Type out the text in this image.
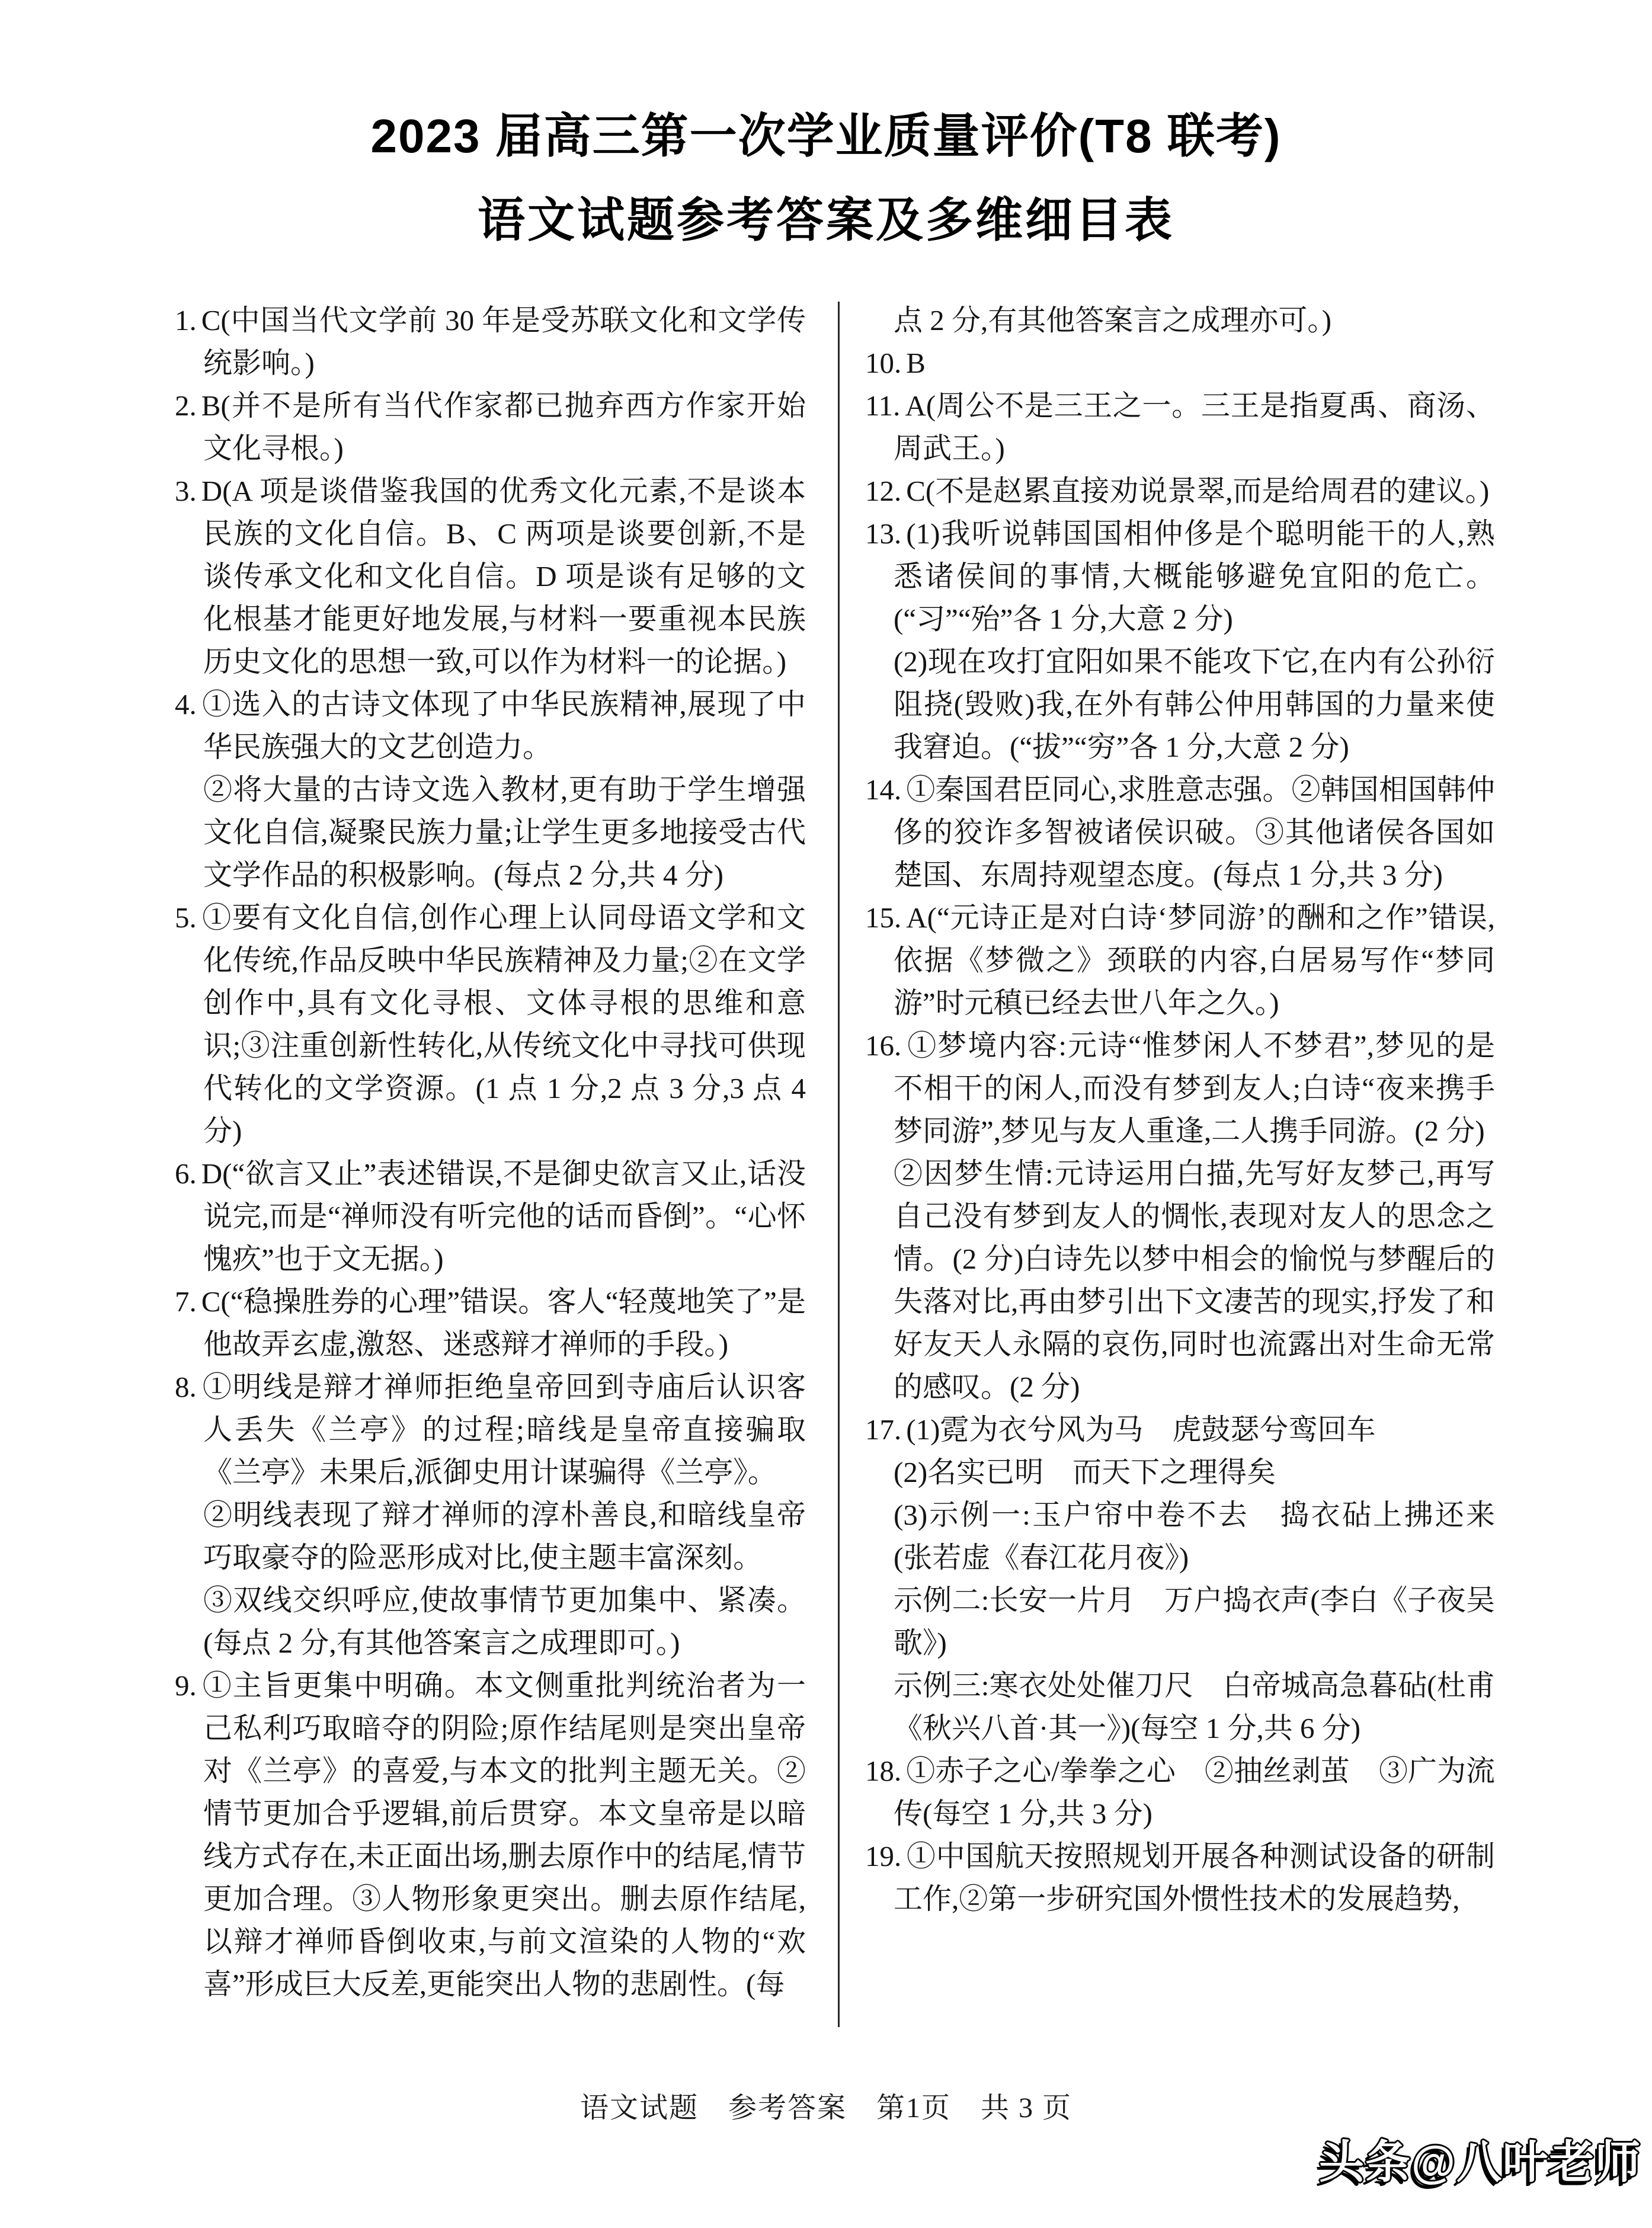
2023 届高三第一次学业质量评价(T8 联考)
语文试题参考答案及多维细目表

1. C(中国当代文学前 30 年是受苏联文化和文学传统影响。)

2. B(并不是所有当代作家都已抛弃西方作家开始文化寻根。)

3. D(A 项是谈借鉴我国的优秀文化元素,不是谈本民族的文化自信。B、C 两项是谈要创新,不是谈传承文化和文化自信。D 项是谈有足够的文化根基才能更好地发展,与材料一要重视本民族历史文化的思想一致,可以作为材料一的论据。)

4. ①选入的古诗文体现了中华民族精神,展现了中华民族强大的文艺创造力。

②将大量的古诗文选入教材,更有助于学生增强文化自信,凝聚民族力量;让学生更多地接受古代文学作品的积极影响。(每点 2 分,共 4 分)

5. ①要有文化自信,创作心理上认同母语文学和文化传统,作品反映中华民族精神及力量;②在文学创作中,具有文化寻根、文体寻根的思维和意识;③注重创新性转化,从传统文化中寻找可供现代转化的文学资源。(1 点 1 分,2 点 3 分,3 点 4 分)

6. D(“欲言又止”表述错误,不是御史欲言又止,话没说完,而是“禅师没有听完他的话而昏倒”。“心怀愧疚”也于文无据。)

7. C(“稳操胜券的心理”错误。客人“轻蔑地笑了”是他故弄玄虚,激怒、迷惑辩才禅师的手段。)

8. ①明线是辩才禅师拒绝皇帝回到寺庙后认识客人丢失《兰亭》的过程;暗线是皇帝直接骗取《兰亭》未果后,派御史用计谋骗得《兰亭》。

②明线表现了辩才禅师的淳朴善良,和暗线皇帝巧取豪夺的险恶形成对比,使主题丰富深刻。

③双线交织呼应,使故事情节更加集中、紧凑。(每点 2 分,有其他答案言之成理即可。)

9. ①主旨更集中明确。本文侧重批判统治者为一己私利巧取暗夺的阴险;原作结尾则是突出皇帝对《兰亭》的喜爱,与本文的批判主题无关。②情节更加合乎逻辑,前后贯穿。本文皇帝是以暗线方式存在,未正面出场,删去原作中的结尾,情节更加合理。③人物形象更突出。删去原作结尾,以辩才禅师昏倒收束,与前文渲染的人物的“欢喜”形成巨大反差,更能突出人物的悲剧性。(每

点 2 分,有其他答案言之成理亦可。)

10. B

11. A(周公不是三王之一。三王是指夏禹、商汤、周武王。)

12. C(不是赵累直接劝说景翠,而是给周君的建议。)

13. (1)我听说韩国国相仲侈是个聪明能干的人,熟悉诸侯间的事情,大概能够避免宜阳的危亡。(“习”“殆”各 1 分,大意 2 分)

(2)现在攻打宜阳如果不能攻下它,在内有公孙衍阻挠(毁败)我,在外有韩公仲用韩国的力量来使我窘迫。(“拔”“穷”各 1 分,大意 2 分)

14. ①秦国君臣同心,求胜意志强。②韩国相国韩仲侈的狡诈多智被诸侯识破。③其他诸侯各国如楚国、东周持观望态度。(每点 1 分,共 3 分)

15. A(“元诗正是对白诗‘梦同游’的酬和之作”错误,依据《梦微之》颈联的内容,白居易写作“梦同游”时元稹已经去世八年之久。)

16. ①梦境内容:元诗“惟梦闲人不梦君”,梦见的是不相干的闲人,而没有梦到友人;白诗“夜来携手梦同游”,梦见与友人重逢,二人携手同游。(2 分)

②因梦生情:元诗运用白描,先写好友梦己,再写自己没有梦到友人的惆怅,表现对友人的思念之情。(2 分)白诗先以梦中相会的愉悦与梦醒后的失落对比,再由梦引出下文凄苦的现实,抒发了和好友天人永隔的哀伤,同时也流露出对生命无常的感叹。(2 分)

17. (1)霓为衣兮风为马　虎鼓瑟兮鸾回车

(2)名实已明　而天下之理得矣

(3)示例一:玉户帘中卷不去　捣衣砧上拂还来(张若虚《春江花月夜》)

示例二:长安一片月　万户捣衣声(李白《子夜吴歌》)

示例三:寒衣处处催刀尺　白帝城高急暮砧(杜甫《秋兴八首·其一》)(每空 1 分,共 6 分)

18. ①赤子之心/拳拳之心　②抽丝剥茧　③广为流传(每空 1 分,共 3 分)

19. ①中国航天按照规划开展各种测试设备的研制工作,②第一步研究国外惯性技术的发展趋势,

语文试题　参考答案　第1页　共 3 页
头条@八叶老师
